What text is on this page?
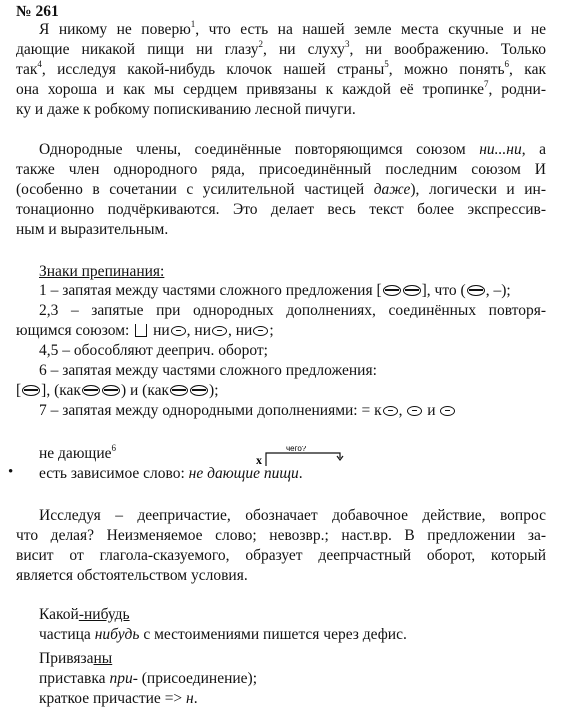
№ 261
Я никому не поверю$^1$, что есть на нашей земле места скучные и не
дающие никакой пищи ни глазу$^2$, ни слуху$^3$, ни воображению. Только
так$^4$, исследуя какой-нибудь клочок нашей страны$^5$, можно понять$^6$, как
она хороша и как мы сердцем привязаны к каждой её тропинке$^7$, родни-
ку и даже к робкому попискиванию лесной пичуги.
Однородные члены, соединённые повторяющимся союзом ни...ни, а
также член однородного ряда, присоединённый последним союзом И
(особенно в сочетании с усилительной частицей даже), логически и ин-
тонационно подчёркиваются. Это делает весь текст более экспрессив-
ным и выразительным.
Знаки препинания:
1 – запятая между частями сложного предложения [	], что ( , –);
2,3 – запятые при однородных дополнениях, соединённых повторя-
ющимся союзом:  ни , ни , ни ;
4,5 – обособляют дееприч. оборот;
6 – запятая между частями сложного предложения:
[ ], (как	) и (как	);
7 – запятая между однородными дополнениями: = к , и
не дающие$^6$
x
чего?
• есть зависимое слово: не дающие пищи.
Исследуя – деепричастие, обозначает добавочное действие, вопрос
что делая? Неизменяемое слово; невозвр.; наст.вр. В предложении за-
висит от глагола-сказуемого, образует деепрчастный оборот, который
является обстоятельством условия.
Какой-нибудь
частица нибудь с местоимениями пишется через дефис.
Привязаны
приставка при- (присоединение);
краткое причастие => н.
